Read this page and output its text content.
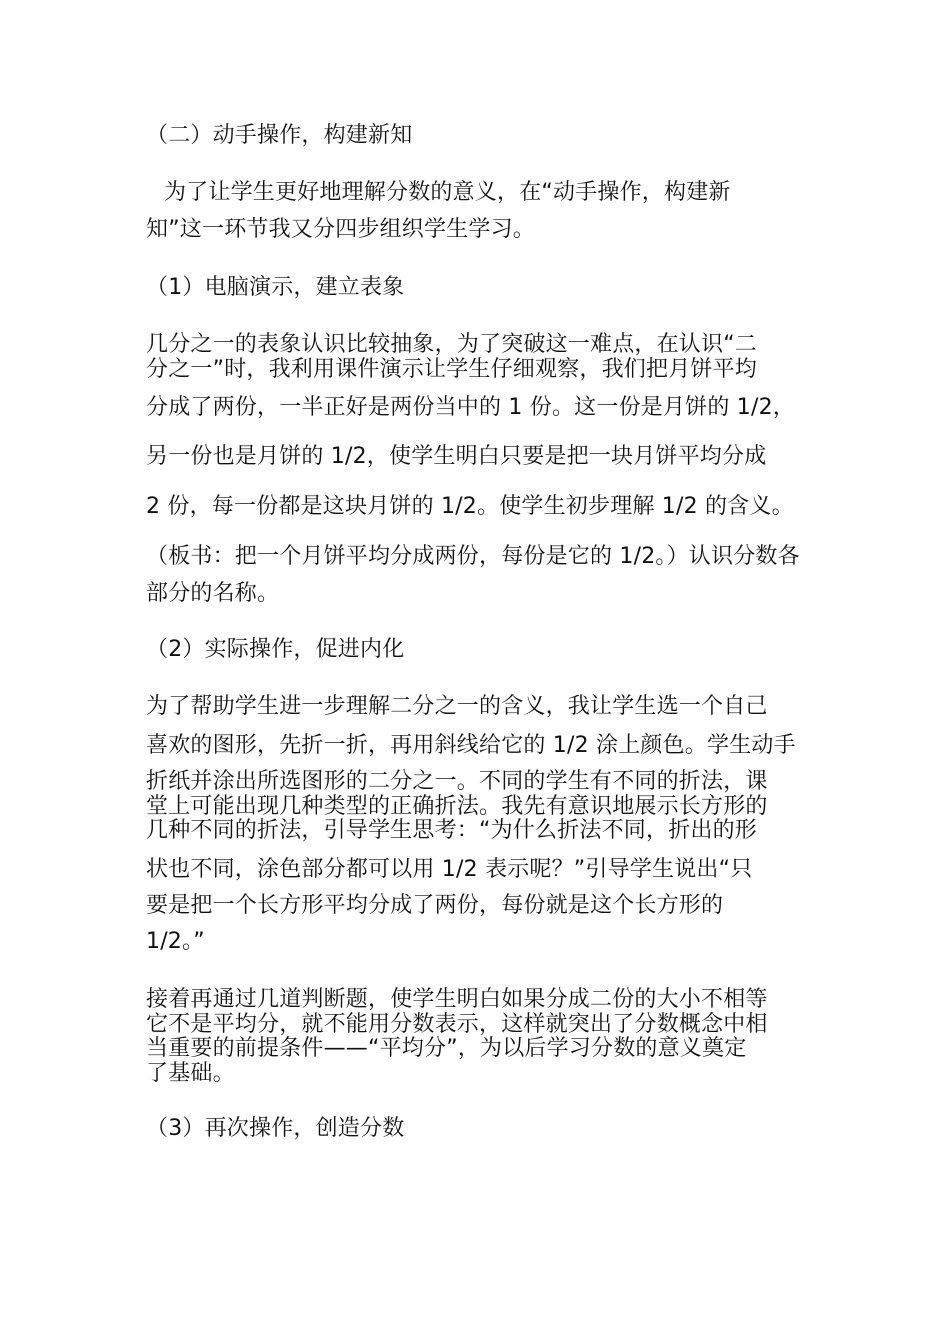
（二）动手操作，构建新知
为了让学生更好地理解分数的意义，在“动手操作，构建新
知”这一环节我又分四步组织学生学习。
（1）电脑演示，建立表象
几分之一的表象认识比较抽象，为了突破这一难点，在认识“二
分之一”时，我利用课件演示让学生仔细观察，我们把月饼平均
分成了两份，一半正好是两份当中的 1 份。这一份是月饼的 1/2，
另一份也是月饼的 1/2，使学生明白只要是把一块月饼平均分成
2 份，每一份都是这块月饼的 1/2。使学生初步理解 1/2 的含义。
（板书：把一个月饼平均分成两份，每份是它的 1/2。）认识分数各
部分的名称。
（2）实际操作，促进内化
为了帮助学生进一步理解二分之一的含义，我让学生选一个自己
喜欢的图形，先折一折，再用斜线给它的 1/2 涂上颜色。学生动手
折纸并涂出所选图形的二分之一。不同的学生有不同的折法，课
堂上可能出现几种类型的正确折法。我先有意识地展示长方形的
几种不同的折法，引导学生思考：“为什么折法不同，折出的形
状也不同，涂色部分都可以用 1/2 表示呢？”引导学生说出“只
要是把一个长方形平均分成了两份，每份就是这个长方形的
1/2。”
接着再通过几道判断题，使学生明白如果分成二份的大小不相等
它不是平均分，就不能用分数表示，这样就突出了分数概念中相
当重要的前提条件——“平均分”，为以后学习分数的意义奠定
了基础。
（3）再次操作，创造分数
